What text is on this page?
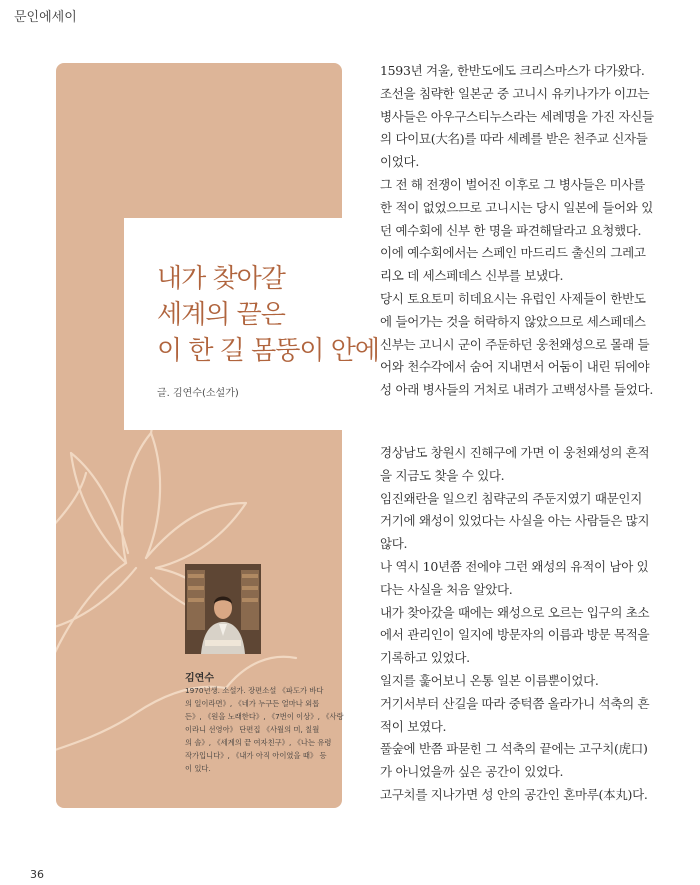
문인에세이
내가 찾아갈
세계의 끝은
이 한 길 몸뚱이 안에
글. 김연수(소설가)
김연수
1970년생. 소설가. 장편소설 《파도가 바다
의 일이라면》, 《네가 누구든 얼마나 외롭
든》, 《원을 노래한다》, 《7번이 이상》, 《사랑
이라니 선영아》 단편집 《사월의 미, 칠월
의 솔》, 《세계의 끝 여자친구》, 《나는 유령
작가입니다》, 《내가 아직 아이였을 때》 등
이 있다.
1593년 겨울, 한반도에도 크리스마스가 다가왔다.
조선을 침략한 일본군 중 고니시 유키나가가 이끄는
병사들은 아우구스티누스라는 세례명을 가진 자신들
의 다이묘(大名)를 따라 세례를 받은 천주교 신자들
이었다.
그 전 해 전쟁이 벌어진 이후로 그 병사들은 미사를
한 적이 없었으므로 고니시는 당시 일본에 들어와 있
던 예수회에 신부 한 명을 파견해달라고 요청했다.
이에 예수회에서는 스페인 마드리드 출신의 그레고
리오 데 세스페데스 신부를 보냈다.
당시 토요토미 히데요시는 유럽인 사제들이 한반도
에 들어가는 것을 허락하지 않았으므로 세스페데스
신부는 고니시 군이 주둔하던 웅천왜성으로 몰래 들
어와 천수각에서 숨어 지내면서 어둠이 내린 뒤에야
성 아래 병사들의 거처로 내려가 고백성사를 들었다.
경상남도 창원시 진해구에 가면 이 웅천왜성의 흔적
을 지금도 찾을 수 있다.
임진왜란을 일으킨 침략군의 주둔지였기 때문인지
거기에 왜성이 있었다는 사실을 아는 사람들은 많지
않다.
나 역시 10년쯤 전에야 그런 왜성의 유적이 남아 있
다는 사실을 처음 알았다.
내가 찾아갔을 때에는 왜성으로 오르는 입구의 초소
에서 관리인이 일지에 방문자의 이름과 방문 목적을
기록하고 있었다.
일지를 훑어보니 온통 일본 이름뿐이었다.
거기서부터 산길을 따라 중턱쯤 올라가니 석축의 흔
적이 보였다.
풀숲에 반쯤 파묻힌 그 석축의 끝에는 고구치(虎口)
가 아니었을까 싶은 공간이 있었다.
고구치를 지나가면 성 안의 공간인 혼마루(本丸)다.
36
